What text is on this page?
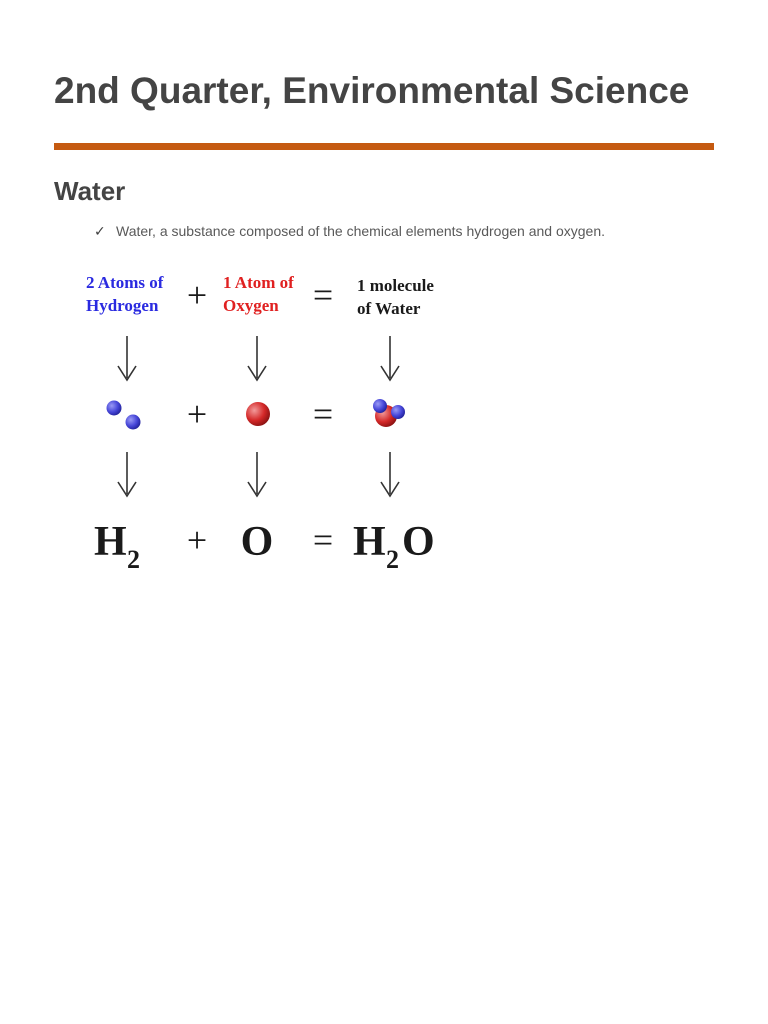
2nd Quarter, Environmental Science
Water
✓ Water, a substance composed of the chemical elements hydrogen and oxygen.
2 Atoms of
Hydrogen + 1 Atom of
Oxygen = 1 molecule
of Water
+	=
H 2 + O = H 2 O
